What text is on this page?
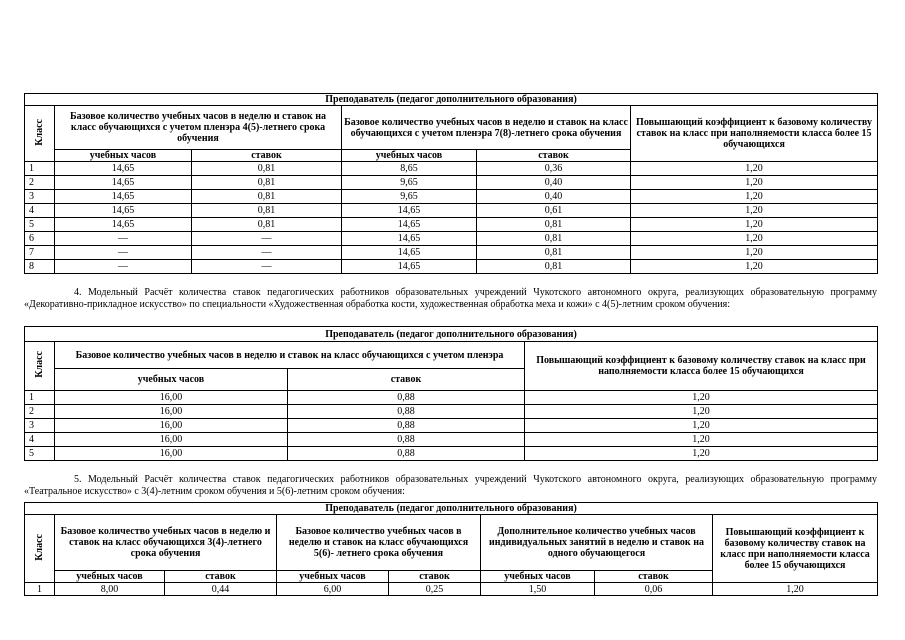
Преподаватель (педагог дополнительного образования)					
Класс	Базовое количество учебных часов в неделю и ставок на класс обучающихся с учетом пленэра 4(5)-летнего срока обучения		Базовое количество учебных часов в неделю и ставок на класс обучающихся с учетом пленэра 7(8)-летнего срока обучения		Повышающий коэффициент к базовому количеству ставок на класс при наполняемости класса более 15 обучающихся
	учебных часов	ставок	учебных часов	ставок	
1	14,65	0,81	8,65	0,36	1,20
2	14,65	0,81	9,65	0,40	1,20
3	14,65	0,81	9,65	0,40	1,20
4	14,65	0,81	14,65	0,61	1,20
5	14,65	0,81	14,65	0,81	1,20
6	—	—	14,65	0,81	1,20
7	—	—	14,65	0,81	1,20
8	—	—	14,65	0,81	1,20
4. Модельный Расчёт количества ставок педагогических работников образовательных учреждений Чукотского автономного округа, реализующих образовательную программу «Декоративно-прикладное искусство» по специальности «Художественная обработка кости, художественная обработка меха и кожи» с 4(5)-летним сроком обучения:
Преподаватель (педагог дополнительного образования)			
Класс	Базовое количество учебных часов в неделю и ставок на класс обучающихся с учетом пленэра		Повышающий коэффициент к базовому количеству ставок на класс при наполняемости класса более 15 обучающихся
	учебных часов	ставок	
1	16,00	0,88	1,20
2	16,00	0,88	1,20
3	16,00	0,88	1,20
4	16,00	0,88	1,20
5	16,00	0,88	1,20
5. Модельный Расчёт количества ставок педагогических работников образовательных учреждений Чукотского автономного округа, реализующих образовательную программу «Театральное искусство» с 3(4)-летним сроком обучения и 5(6)-летним сроком обучения:
Преподаватель (педагог дополнительного образования)							
Класс	Базовое количество учебных часов в неделю и ставок на класс обучающихся 3(4)-летнего срока обучения		Базовое количество учебных часов в неделю и ставок на класс обучающихся 5(6)- летнего срока обучения		Дополнительное количество учебных часов индивидуальных занятий в неделю и ставок на одного обучающегося		Повышающий коэффициент к базовому количеству ставок на класс при наполняемости класса более 15 обучающихся
	учебных часов	ставок	учебных часов	ставок	учебных часов	ставок	
1	8,00	0,44	6,00	0,25	1,50	0,06	1,20
